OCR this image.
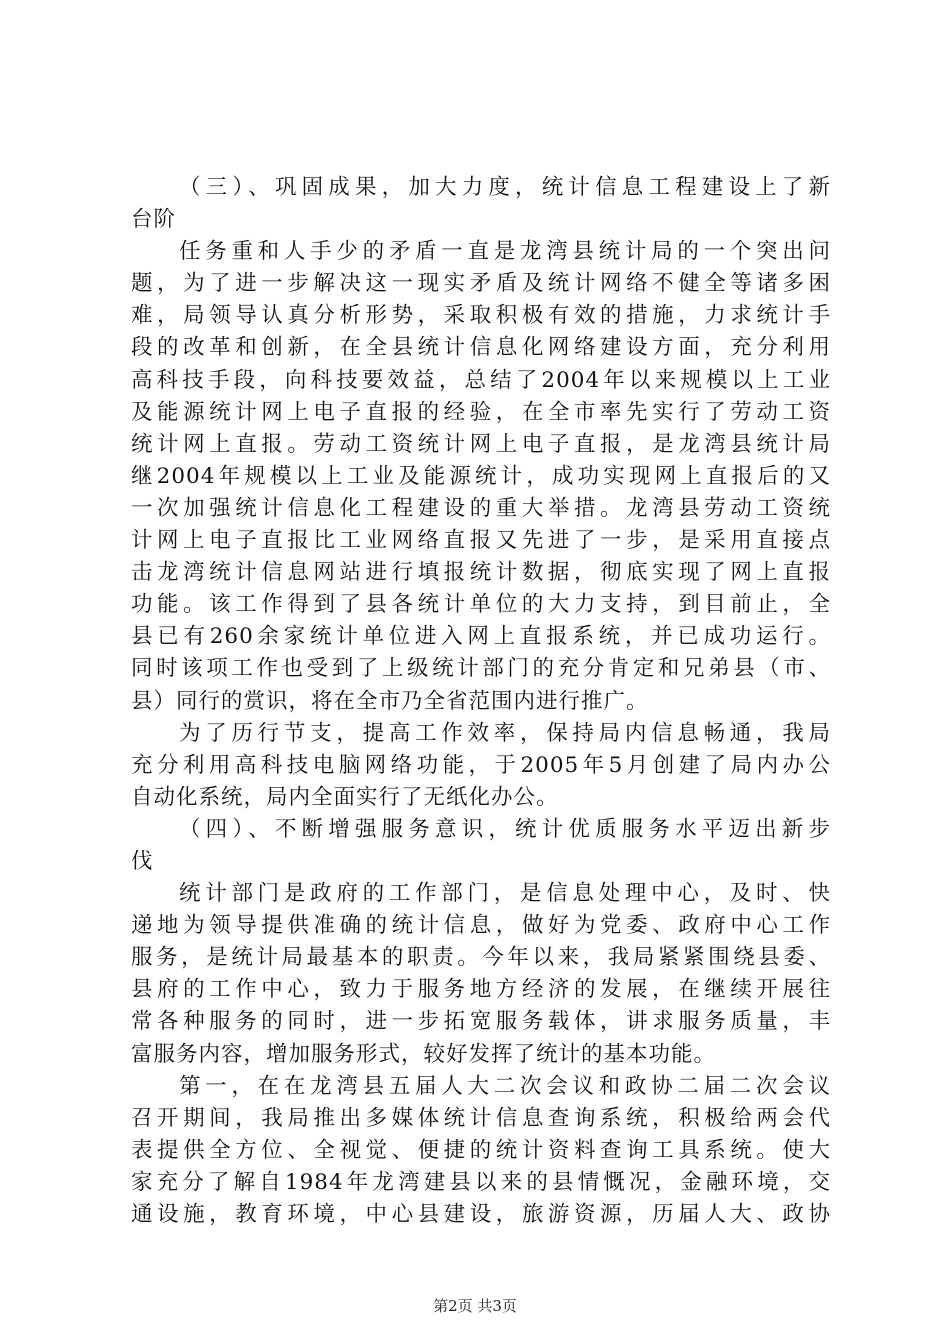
（三）、巩固成果，加大力度，统计信息工程建设上了新
台阶
任务重和人手少的矛盾一直是龙湾县统计局的一个突出问
题，为了进一步解决这一现实矛盾及统计网络不健全等诸多困
难，局领导认真分析形势，采取积极有效的措施，力求统计手
段的改革和创新，在全县统计信息化网络建设方面，充分利用
高科技手段，向科技要效益，总结了2004年以来规模以上工业
及能源统计网上电子直报的经验，在全市率先实行了劳动工资
统计网上直报。劳动工资统计网上电子直报，是龙湾县统计局
继2004年规模以上工业及能源统计，成功实现网上直报后的又
一次加强统计信息化工程建设的重大举措。龙湾县劳动工资统
计网上电子直报比工业网络直报又先进了一步，是采用直接点
击龙湾统计信息网站进行填报统计数据，彻底实现了网上直报
功能。该工作得到了县各统计单位的大力支持，到目前止，全
县已有260余家统计单位进入网上直报系统，并已成功运行。
同时该项工作也受到了上级统计部门的充分肯定和兄弟县（市、
县）同行的赏识，将在全市乃全省范围内进行推广。
为了历行节支，提高工作效率，保持局内信息畅通，我局
充分利用高科技电脑网络功能，于2005年5月创建了局内办公
自动化系统，局内全面实行了无纸化办公。
（四）、不断增强服务意识，统计优质服务水平迈出新步
伐
统计部门是政府的工作部门，是信息处理中心，及时、快
递地为领导提供准确的统计信息，做好为党委、政府中心工作
服务，是统计局最基本的职责。今年以来，我局紧紧围绕县委、
县府的工作中心，致力于服务地方经济的发展，在继续开展往
常各种服务的同时，进一步拓宽服务载体，讲求服务质量，丰
富服务内容，增加服务形式，较好发挥了统计的基本功能。
第一，在在龙湾县五届人大二次会议和政协二届二次会议
召开期间，我局推出多媒体统计信息查询系统，积极给两会代
表提供全方位、全视觉、便捷的统计资料查询工具系统。使大
家充分了解自1984年龙湾建县以来的县情慨况，金融环境，交
通设施，教育环境，中心县建设，旅游资源，历届人大、政协
第2页 共3页
